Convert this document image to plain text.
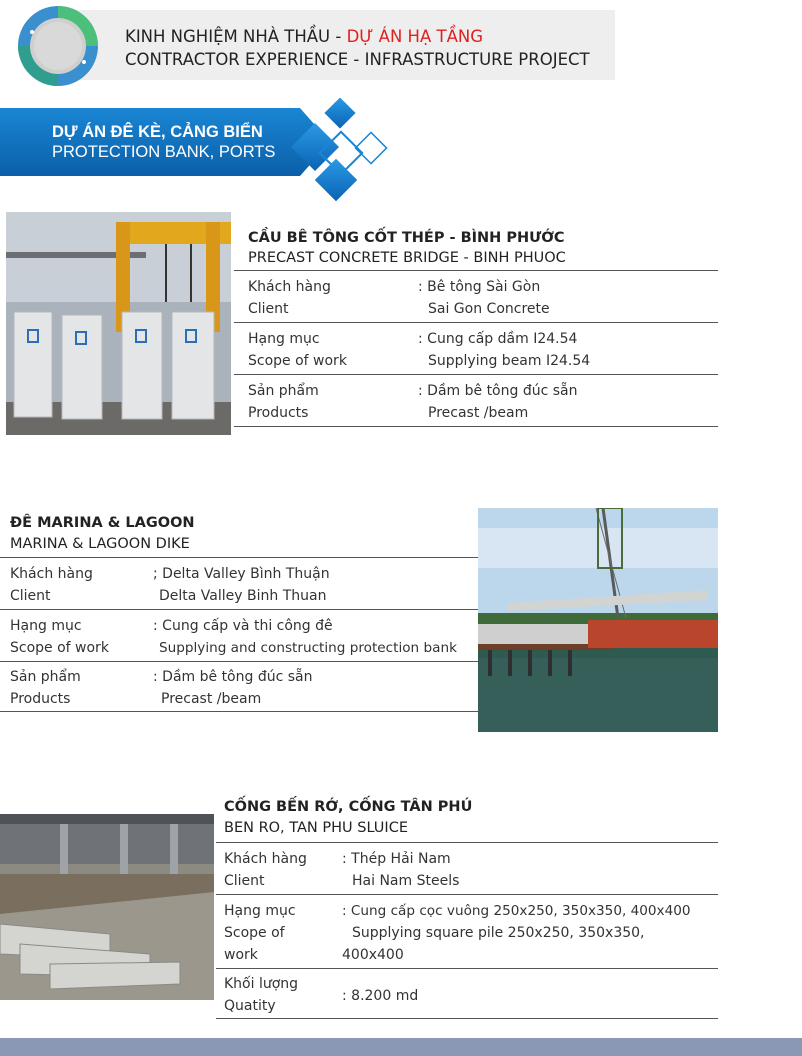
KINH NGHIỆM NHÀ THẦU - DỰ ÁN HẠ TẦNG
CONTRACTOR EXPERIENCE - INFRASTRUCTURE PROJECT
DỰ ÁN ĐÊ KÈ, CẢNG BIỂN
PROTECTION BANK, PORTS
CẦU BÊ TÔNG CỐT THÉP - BÌNH PHƯỚC
PRECAST CONCRETE BRIDGE - BINH PHUOC
Khách hàng
Client
: Bê tông Sài Gòn
Sai Gon Concrete
Hạng mục
Scope of work
: Cung cấp dầm I24.54
Supplying beam I24.54
Sản phẩm
Products
: Dầm bê tông đúc sẵn
Precast /beam
ĐÊ MARINA & LAGOON
MARINA & LAGOON DIKE
Khách hàng
Client
; Delta Valley Bình Thuận
Delta Valley Binh Thuan
Hạng mục
Scope of work
: Cung cấp và thi công đê
Supplying and constructing protection bank
Sản phẩm
Products
: Dầm bê tông đúc sẵn
Precast /beam
CỐNG BẾN RỚ, CỐNG TÂN PHÚ
BEN RO, TAN PHU SLUICE
Khách hàng
Client
: Thép Hải Nam
Hai Nam Steels
Hạng mục
Scope of
work
: Cung cấp cọc vuông 250x250, 350x350, 400x400
Supplying square pile 250x250, 350x350,
400x400
Khối lượng
Quatity
: 8.200 md
